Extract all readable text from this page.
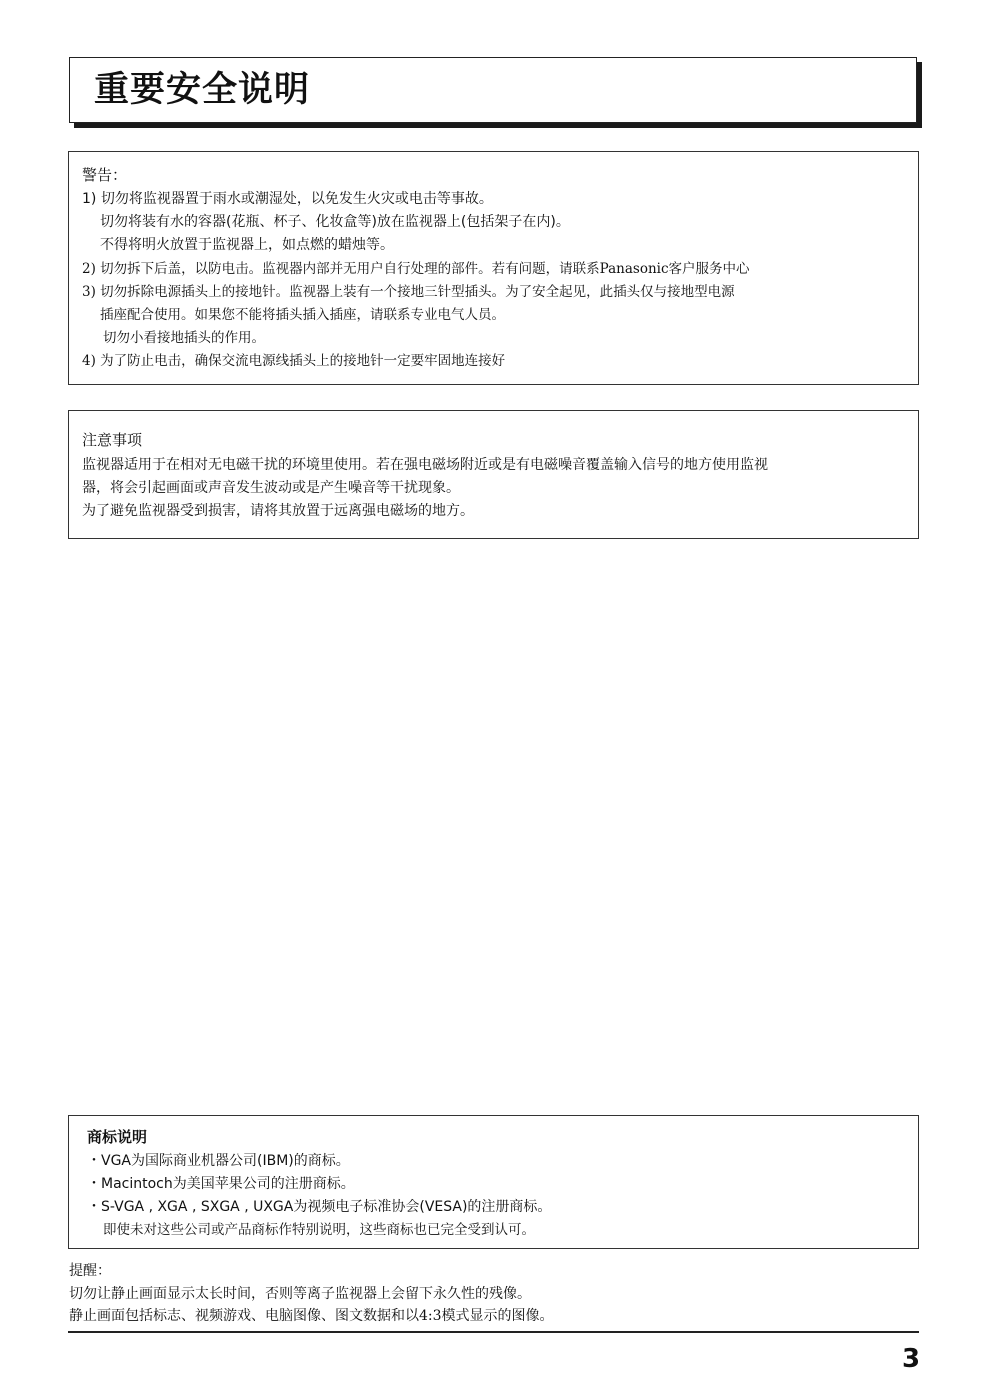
重要安全说明
警告：
1) 切勿将监视器置于雨水或潮湿处，以免发生火灾或电击等事故。
切勿将装有水的容器(花瓶、杯子、化妆盒等)放在监视器上(包括架子在内)。
不得将明火放置于监视器上，如点燃的蜡烛等。
2) 切勿拆下后盖，以防电击。监视器内部并无用户自行处理的部件。若有问题，请联系Panasonic客户服务中心
3) 切勿拆除电源插头上的接地针。监视器上装有一个接地三针型插头。为了安全起见，此插头仅与接地型电源
插座配合使用。如果您不能将插头插入插座，请联系专业电气人员。
切勿小看接地插头的作用。
4) 为了防止电击，确保交流电源线插头上的接地针一定要牢固地连接好
注意事项
监视器适用于在相对无电磁干扰的环境里使用。若在强电磁场附近或是有电磁噪音覆盖输入信号的地方使用监视
器，将会引起画面或声音发生波动或是产生噪音等干扰现象。
为了避免监视器受到损害，请将其放置于远离强电磁场的地方。
商标说明
・VGA为国际商业机器公司(IBM)的商标。
・Macintoch为美国苹果公司的注册商标。
・S-VGA , XGA , SXGA , UXGA为视频电子标准协会(VESA)的注册商标。
即使未对这些公司或产品商标作特别说明，这些商标也已完全受到认可。
提醒：
切勿让静止画面显示太长时间，否则等离子监视器上会留下永久性的残像。
静止画面包括标志、视频游戏、电脑图像、图文数据和以4:3模式显示的图像。
3
